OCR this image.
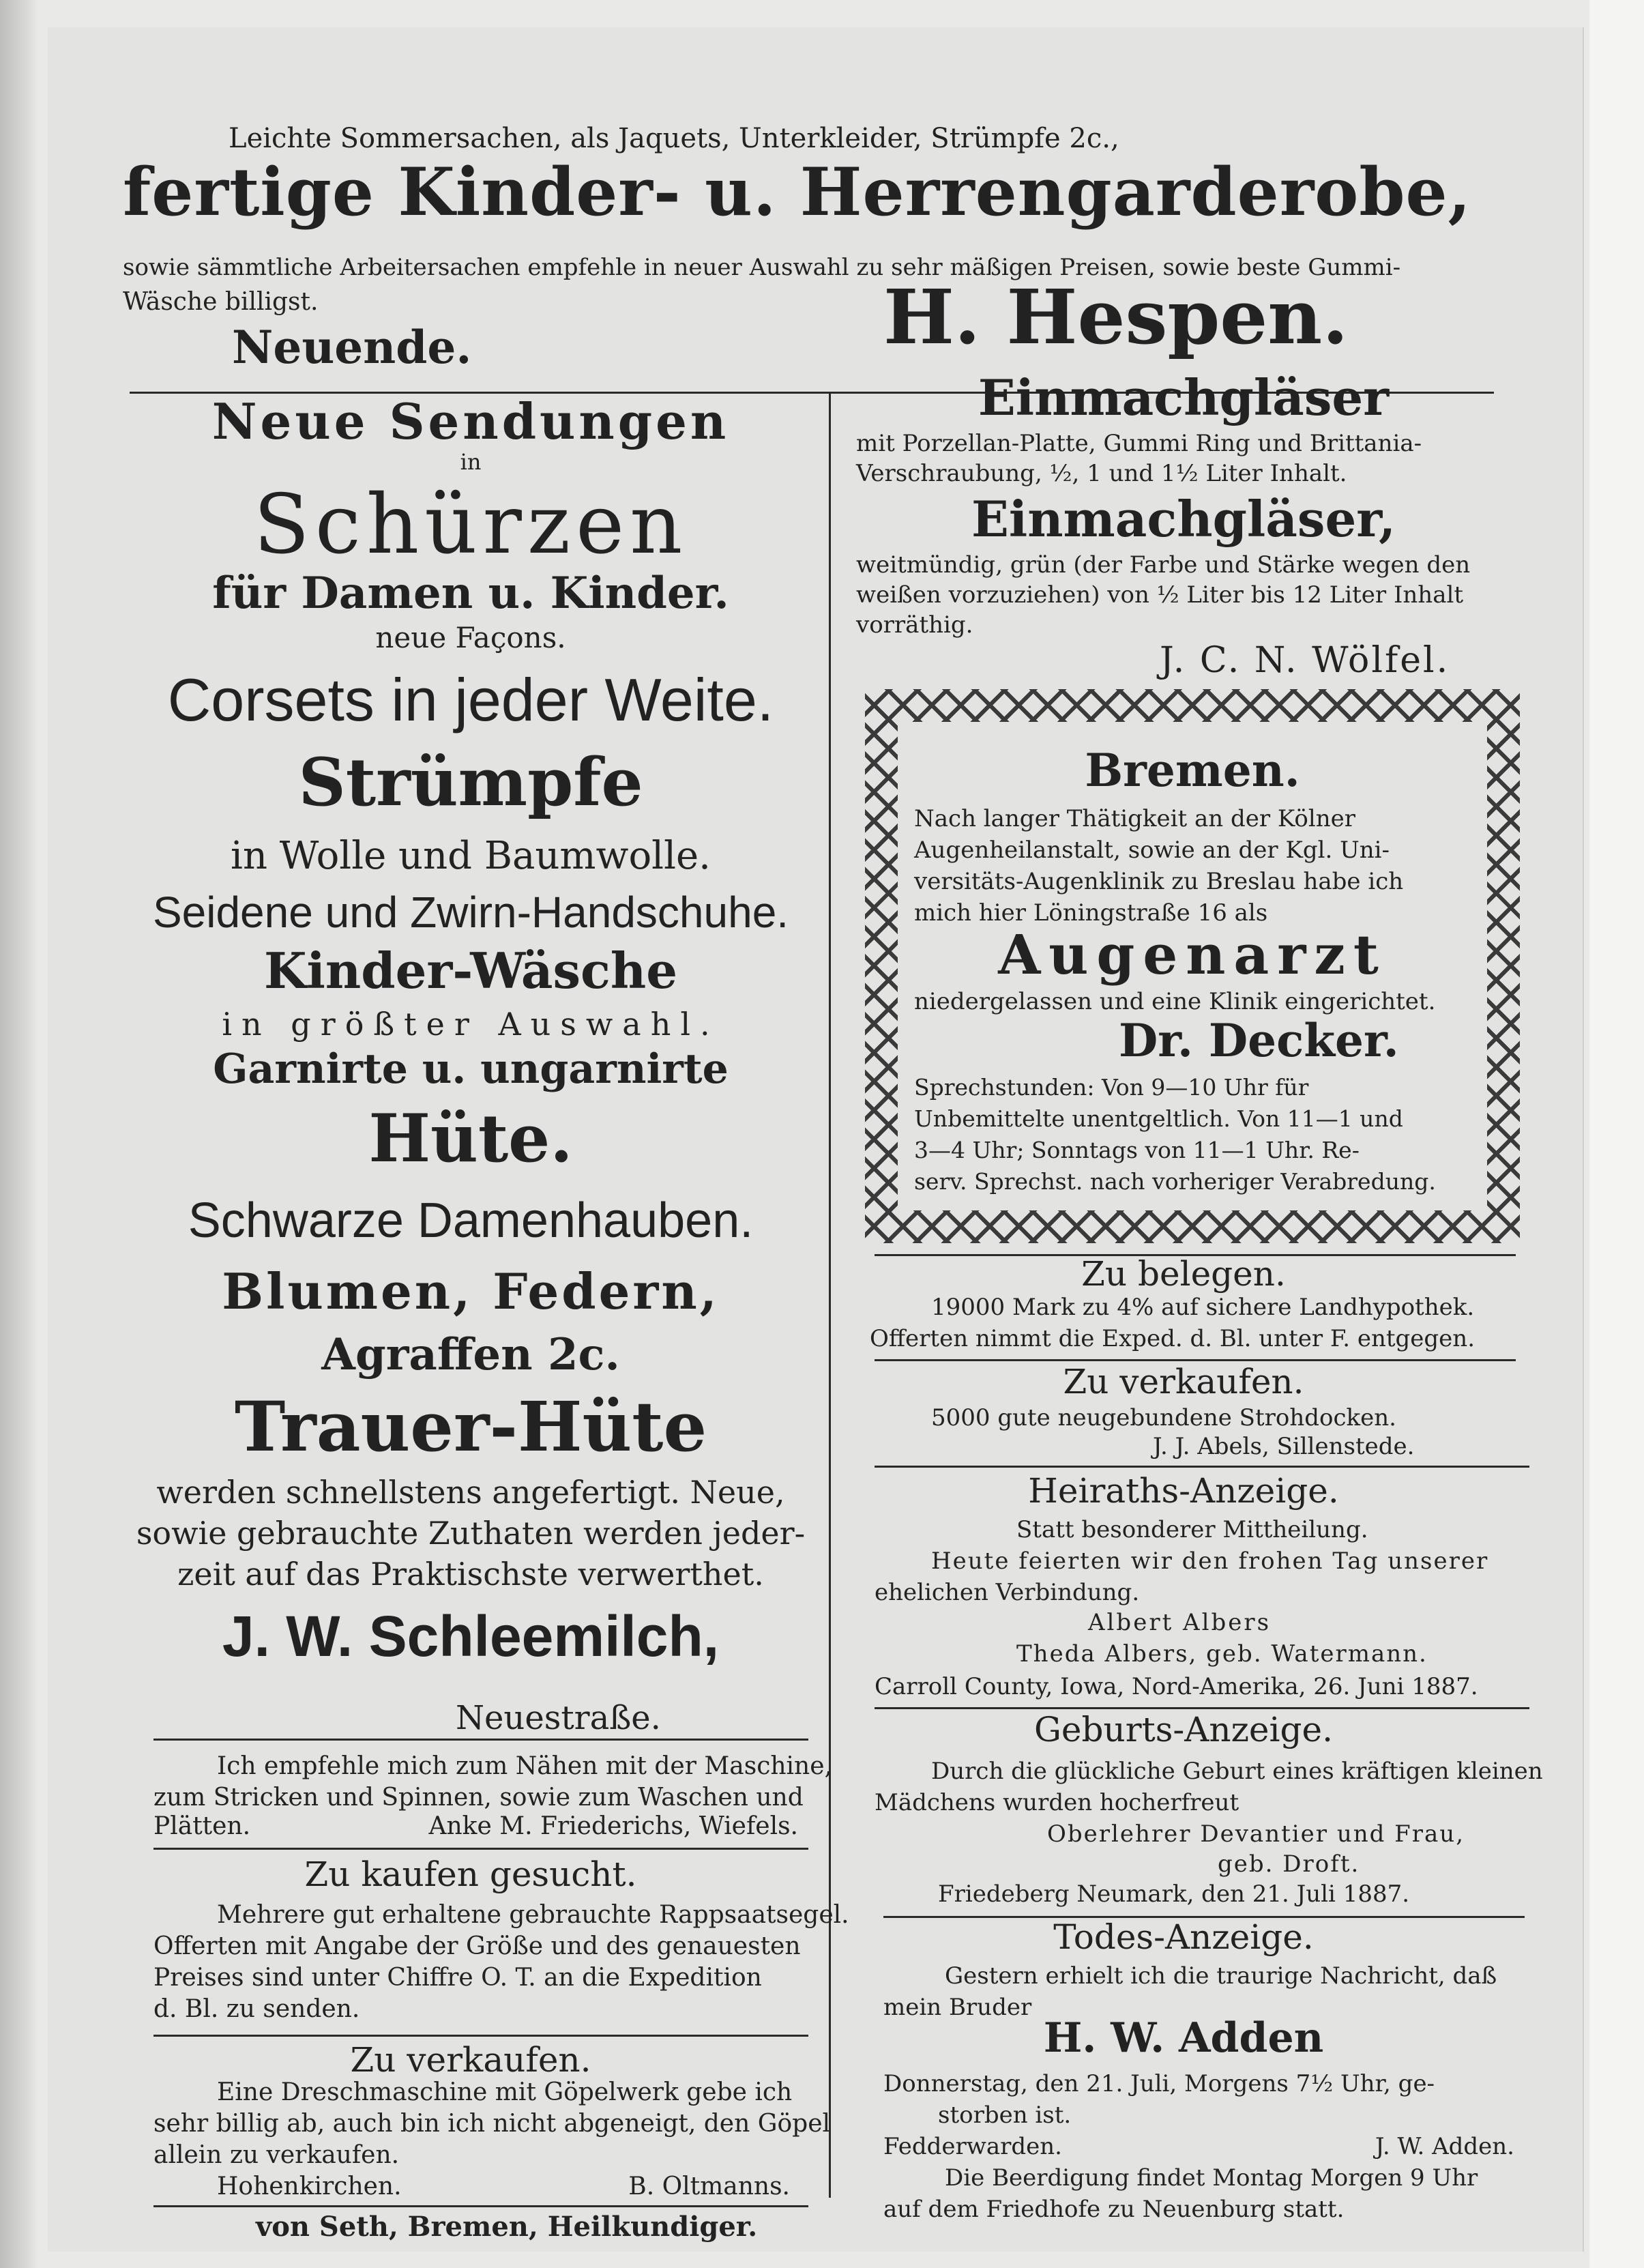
Leichte Sommersachen, als Jaquets, Unterkleider, Strümpfe 2c.,
fertige Kinder- u. Herrengarderobe,
sowie sämmtliche Arbeitersachen empfehle in neuer Auswahl zu sehr mäßigen Preisen, sowie beste Gummi-
Wäsche billigst.
Neuende.	H. Hespen.
Neue Sendungen
in
Schürzen
für Damen u. Kinder.
neue Façons.
Corsets in jeder Weite.
Strümpfe
in Wolle und Baumwolle.
Seidene und Zwirn-Handschuhe.
Kinder-Wäsche
in größter Auswahl.
Garnirte u. ungarnirte
Hüte.
Schwarze Damenhauben.
Blumen, Federn,
Agraffen 2c.
Trauer-Hüte
werden schnellstens angefertigt. Neue,
sowie gebrauchte Zuthaten werden jeder-
zeit auf das Praktischste verwerthet.
J. W. Schleemilch,
Neuestraße.
Ich empfehle mich zum Nähen mit der Maschine,
zum Stricken und Spinnen, sowie zum Waschen und
Plätten.	Anke M. Friederichs, Wiefels.
Zu kaufen gesucht.
Mehrere gut erhaltene gebrauchte Rappsaatsegel.
Offerten mit Angabe der Größe und des genauesten
Preises sind unter Chiffre O. T. an die Expedition
d. Bl. zu senden.
Zu verkaufen.
Eine Dreschmaschine mit Göpelwerk gebe ich
sehr billig ab, auch bin ich nicht abgeneigt, den Göpel
allein zu verkaufen.
Hohenkirchen.	B. Oltmanns.
von Seth, Bremen, Heilkundiger.
Einmachgläser
mit Porzellan-Platte, Gummi Ring und Brittania-
Verschraubung, ½, 1 und 1½ Liter Inhalt.
Einmachgläser,
weitmündig, grün (der Farbe und Stärke wegen den
weißen vorzuziehen) von ½ Liter bis 12 Liter Inhalt
vorräthig.
J. C. N. Wölfel.
Bremen.
Nach langer Thätigkeit an der Kölner
Augenheilanstalt, sowie an der Kgl. Uni-
versitäts-Augenklinik zu Breslau habe ich
mich hier Löningstraße 16 als
Augenarzt
niedergelassen und eine Klinik eingerichtet.
Dr. Decker.
Sprechstunden: Von 9—10 Uhr für
Unbemittelte unentgeltlich. Von 11—1 und
3—4 Uhr; Sonntags von 11—1 Uhr. Re-
serv. Sprechst. nach vorheriger Verabredung.
Zu belegen.
19000 Mark zu 4% auf sichere Landhypothek.
Offerten nimmt die Exped. d. Bl. unter F. entgegen.
Zu verkaufen.
5000 gute neugebundene Strohdocken.
J. J. Abels, Sillenstede.
Heiraths-Anzeige.
Statt besonderer Mittheilung.
Heute feierten wir den frohen Tag unserer
ehelichen Verbindung.
Albert Albers
Theda Albers, geb. Watermann.
Carroll County, Iowa, Nord-Amerika, 26. Juni 1887.
Geburts-Anzeige.
Durch die glückliche Geburt eines kräftigen kleinen
Mädchens wurden hocherfreut
Oberlehrer Devantier und Frau,
geb. Droft.
Friedeberg Neumark, den 21. Juli 1887.
Todes-Anzeige.
Gestern erhielt ich die traurige Nachricht, daß
mein Bruder
H. W. Adden
Donnerstag, den 21. Juli, Morgens 7½ Uhr, ge-
storben ist.
Fedderwarden.	J. W. Adden.
Die Beerdigung findet Montag Morgen 9 Uhr
auf dem Friedhofe zu Neuenburg statt.
